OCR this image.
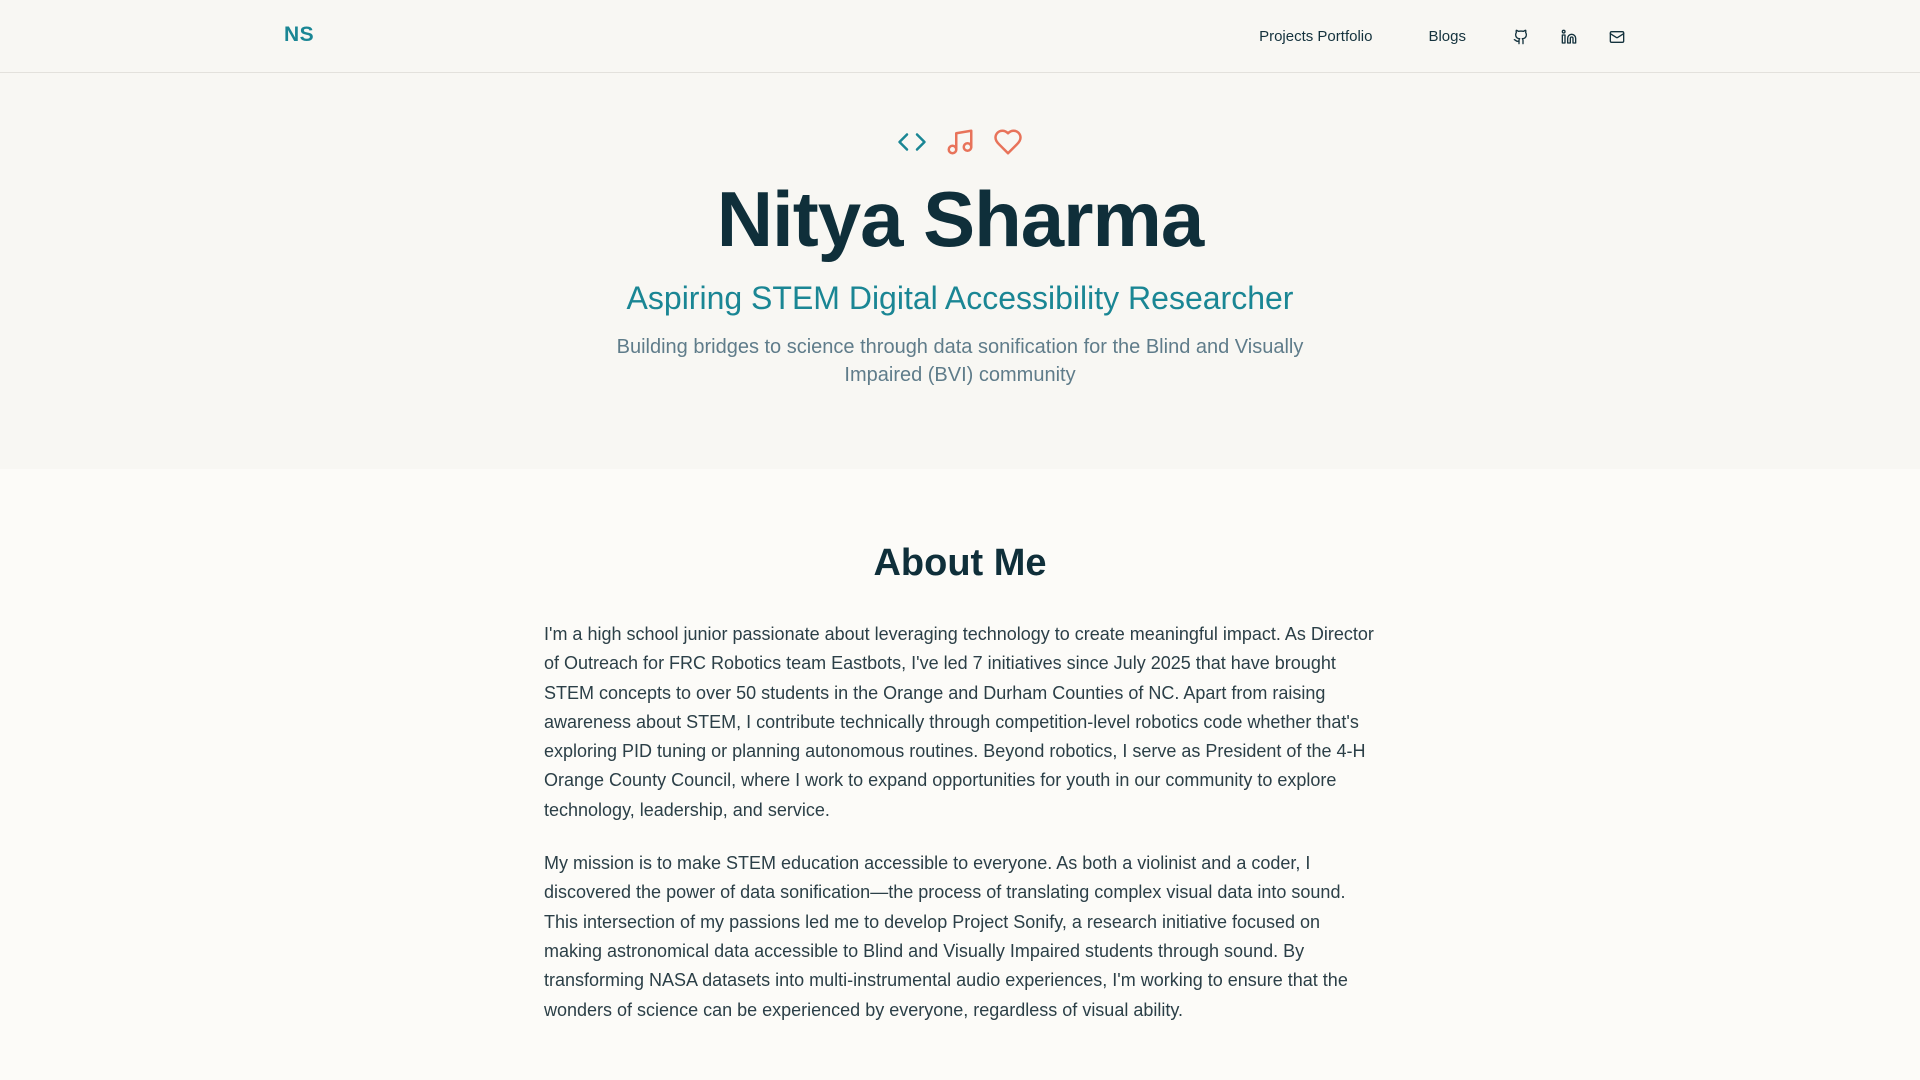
NS	Projects Portfolio	Blogs
Nitya Sharma
Aspiring STEM Digital Accessibility Researcher

Building bridges to science through data sonification for the Blind and Visually Impaired (BVI) community

About Me

I'm a high school junior passionate about leveraging technology to create meaningful impact. As Director of Outreach for FRC Robotics team Eastbots, I've led 7 initiatives since July 2025 that have brought STEM concepts to over 50 students in the Orange and Durham Counties of NC. Apart from raising awareness about STEM, I contribute technically through competition-level robotics code whether that's exploring PID tuning or planning autonomous routines. Beyond robotics, I serve as President of the 4-H Orange County Council, where I work to expand opportunities for youth in our community to explore technology, leadership, and service.

My mission is to make STEM education accessible to everyone. As both a violinist and a coder, I discovered the power of data sonification—the process of translating complex visual data into sound. This intersection of my passions led me to develop Project Sonify, a research initiative focused on making astronomical data accessible to Blind and Visually Impaired students through sound. By transforming NASA datasets into multi-instrumental audio experiences, I'm working to ensure that the wonders of science can be experienced by everyone, regardless of visual ability.
